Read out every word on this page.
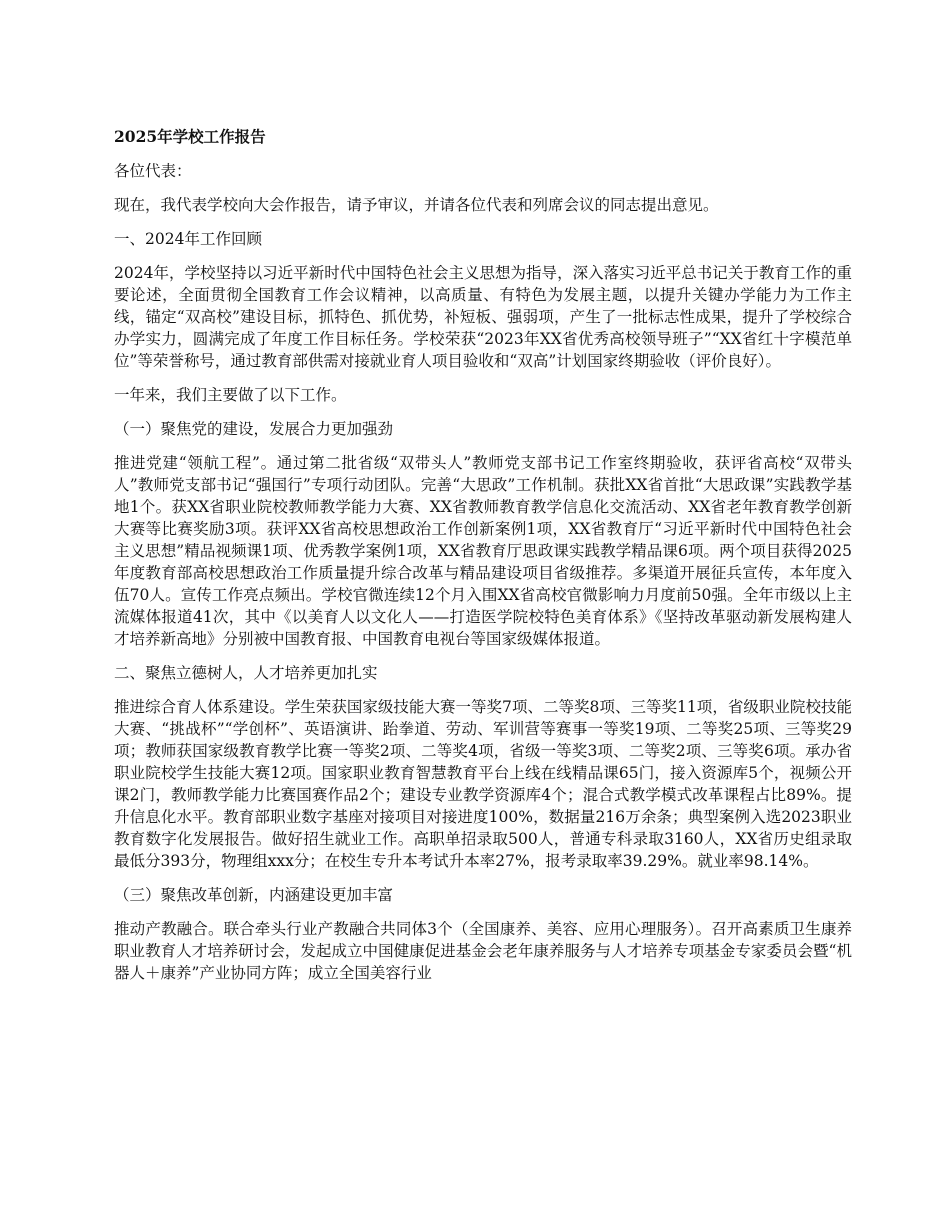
2025年学校工作报告

各位代表：

现在，我代表学校向大会作报告，请予审议，并请各位代表和列席会议的同志提出意见。

一、2024年工作回顾

2024年，学校坚持以习近平新时代中国特色社会主义思想为指导，深入落实习近平总书记关于教育工作的重要论述，全面贯彻全国教育工作会议精神，以高质量、有特色为发展主题，以提升关键办学能力为工作主线，锚定“双高校”建设目标，抓特色、抓优势，补短板、强弱项，产生了一批标志性成果，提升了学校综合办学实力，圆满完成了年度工作目标任务。学校荣获“2023年XX省优秀高校领导班子”“XX省红十字模范单位”等荣誉称号，通过教育部供需对接就业育人项目验收和“双高”计划国家终期验收（评价良好）。

一年来，我们主要做了以下工作。

（一）聚焦党的建设，发展合力更加强劲

推进党建“领航工程”。通过第二批省级“双带头人”教师党支部书记工作室终期验收，获评省高校“双带头人”教师党支部书记“强国行”专项行动团队。完善“大思政”工作机制。获批XX省首批“大思政课”实践教学基地1个。获XX省职业院校教师教学能力大赛、XX省教师教育教学信息化交流活动、XX省老年教育教学创新大赛等比赛奖励3项。获评XX省高校思想政治工作创新案例1项，XX省教育厅“习近平新时代中国特色社会主义思想”精品视频课1项、优秀教学案例1项，XX省教育厅思政课实践教学精品课6项。两个项目获得2025年度教育部高校思想政治工作质量提升综合改革与精品建设项目省级推荐。多渠道开展征兵宣传，本年度入伍70人。宣传工作亮点频出。学校官微连续12个月入围XX省高校官微影响力月度前50强。全年市级以上主流媒体报道41次，其中《以美育人以文化人——打造医学院校特色美育体系》《坚持改革驱动新发展构建人才培养新高地》分别被中国教育报、中国教育电视台等国家级媒体报道。

二、聚焦立德树人，人才培养更加扎实

推进综合育人体系建设。学生荣获国家级技能大赛一等奖7项、二等奖8项、三等奖11项，省级职业院校技能大赛、“挑战杯”“学创杯”、英语演讲、跆拳道、劳动、军训营等赛事一等奖19项、二等奖25项、三等奖29项；教师获国家级教育教学比赛一等奖2项、二等奖4项，省级一等奖3项、二等奖2项、三等奖6项。承办省职业院校学生技能大赛12项。国家职业教育智慧教育平台上线在线精品课65门，接入资源库5个，视频公开课2门，教师教学能力比赛国赛作品2个；建设专业教学资源库4个；混合式教学模式改革课程占比89%。提升信息化水平。教育部职业数字基座对接项目对接进度100%，数据量216万余条；典型案例入选2023职业教育数字化发展报告。做好招生就业工作。高职单招录取500人，普通专科录取3160人，XX省历史组录取最低分393分，物理组xxx分；在校生专升本考试升本率27%，报考录取率39.29%。就业率98.14%。

（三）聚焦改革创新，内涵建设更加丰富

推动产教融合。联合牵头行业产教融合共同体3个（全国康养、美容、应用心理服务）。召开高素质卫生康养职业教育人才培养研讨会，发起成立中国健康促进基金会老年康养服务与人才培养专项基金专家委员会暨“机器人＋康养”产业协同方阵；成立全国美容行业
